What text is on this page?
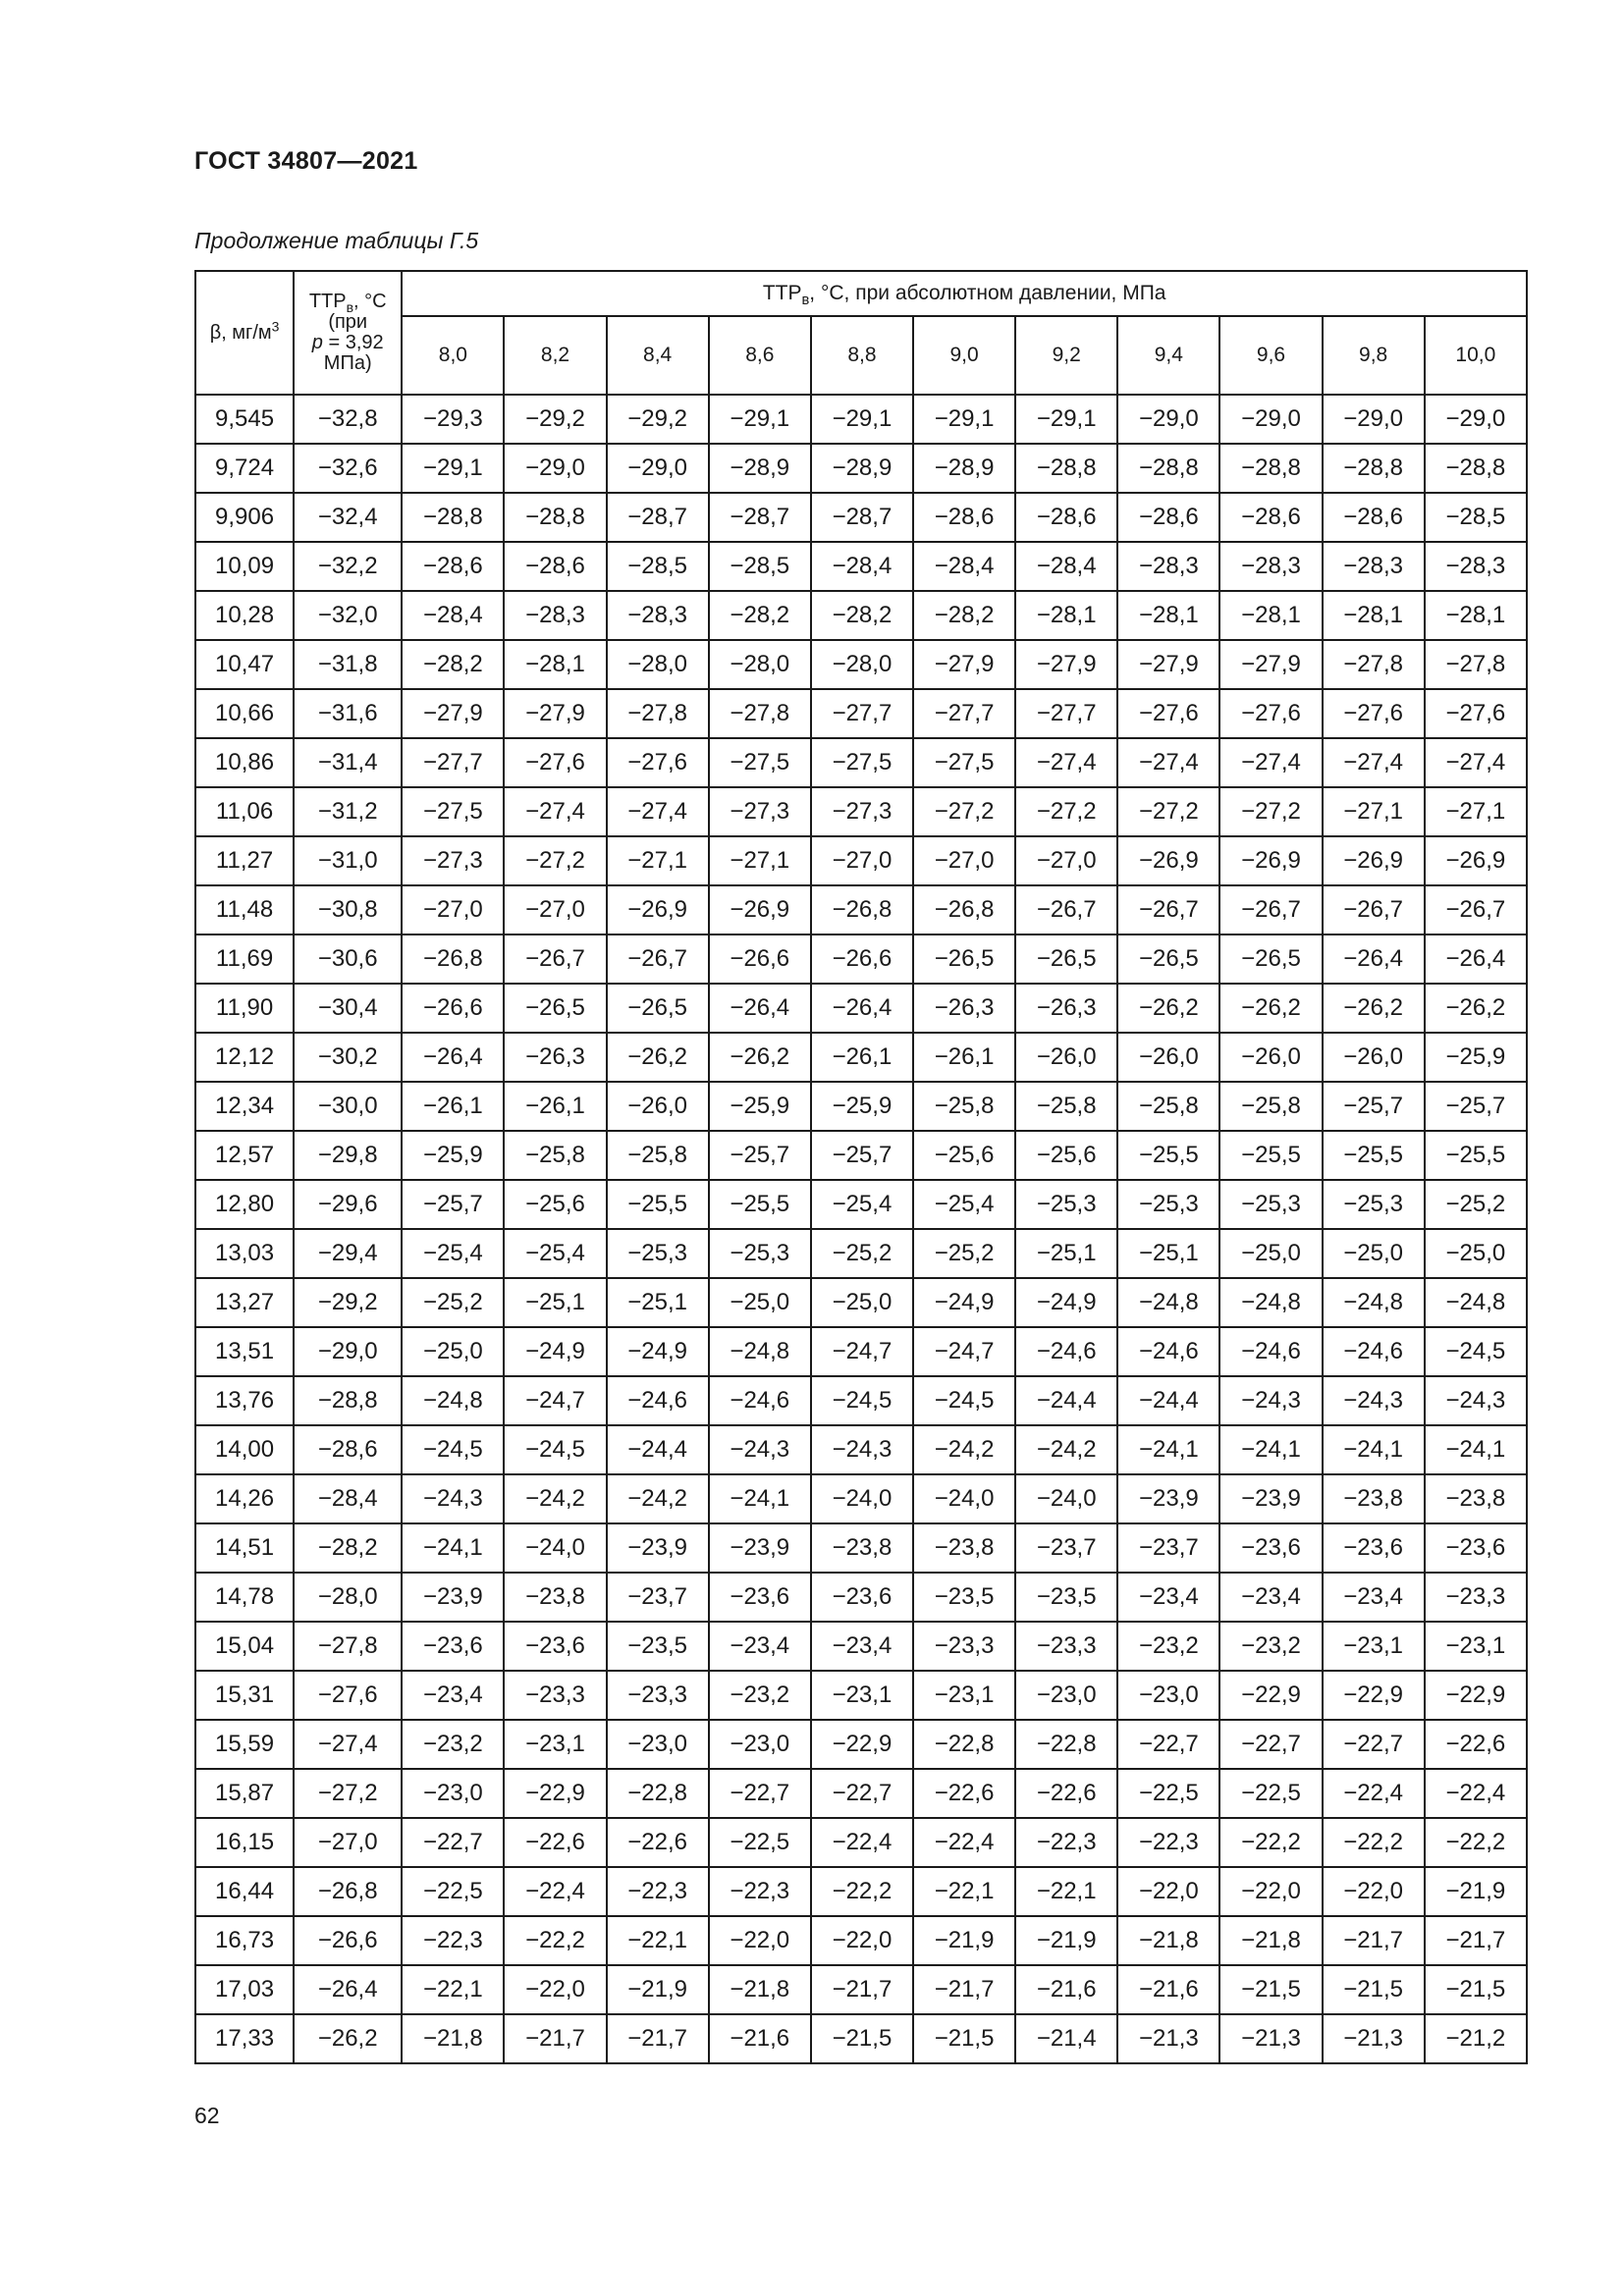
ГОСТ 34807—2021
Продолжение таблицы Г.5
β, $мг/м^3$	$ТТР_в$, °С (при
р = 3,92
МПа)	$ТТР_в$, °С, при абсолютном давлении, МПа										
		8,0	8,2	8,4	8,6	8,8	9,0	9,2	9,4	9,6	9,8	10,0
9,545	−32,8	−29,3	−29,2	−29,2	−29,1	−29,1	−29,1	−29,1	−29,0	−29,0	−29,0	−29,0
9,724	−32,6	−29,1	−29,0	−29,0	−28,9	−28,9	−28,9	−28,8	−28,8	−28,8	−28,8	−28,8
9,906	−32,4	−28,8	−28,8	−28,7	−28,7	−28,7	−28,6	−28,6	−28,6	−28,6	−28,6	−28,5
10,09	−32,2	−28,6	−28,6	−28,5	−28,5	−28,4	−28,4	−28,4	−28,3	−28,3	−28,3	−28,3
10,28	−32,0	−28,4	−28,3	−28,3	−28,2	−28,2	−28,2	−28,1	−28,1	−28,1	−28,1	−28,1
10,47	−31,8	−28,2	−28,1	−28,0	−28,0	−28,0	−27,9	−27,9	−27,9	−27,9	−27,8	−27,8
10,66	−31,6	−27,9	−27,9	−27,8	−27,8	−27,7	−27,7	−27,7	−27,6	−27,6	−27,6	−27,6
10,86	−31,4	−27,7	−27,6	−27,6	−27,5	−27,5	−27,5	−27,4	−27,4	−27,4	−27,4	−27,4
11,06	−31,2	−27,5	−27,4	−27,4	−27,3	−27,3	−27,2	−27,2	−27,2	−27,2	−27,1	−27,1
11,27	−31,0	−27,3	−27,2	−27,1	−27,1	−27,0	−27,0	−27,0	−26,9	−26,9	−26,9	−26,9
11,48	−30,8	−27,0	−27,0	−26,9	−26,9	−26,8	−26,8	−26,7	−26,7	−26,7	−26,7	−26,7
11,69	−30,6	−26,8	−26,7	−26,7	−26,6	−26,6	−26,5	−26,5	−26,5	−26,5	−26,4	−26,4
11,90	−30,4	−26,6	−26,5	−26,5	−26,4	−26,4	−26,3	−26,3	−26,2	−26,2	−26,2	−26,2
12,12	−30,2	−26,4	−26,3	−26,2	−26,2	−26,1	−26,1	−26,0	−26,0	−26,0	−26,0	−25,9
12,34	−30,0	−26,1	−26,1	−26,0	−25,9	−25,9	−25,8	−25,8	−25,8	−25,8	−25,7	−25,7
12,57	−29,8	−25,9	−25,8	−25,8	−25,7	−25,7	−25,6	−25,6	−25,5	−25,5	−25,5	−25,5
12,80	−29,6	−25,7	−25,6	−25,5	−25,5	−25,4	−25,4	−25,3	−25,3	−25,3	−25,3	−25,2
13,03	−29,4	−25,4	−25,4	−25,3	−25,3	−25,2	−25,2	−25,1	−25,1	−25,0	−25,0	−25,0
13,27	−29,2	−25,2	−25,1	−25,1	−25,0	−25,0	−24,9	−24,9	−24,8	−24,8	−24,8	−24,8
13,51	−29,0	−25,0	−24,9	−24,9	−24,8	−24,7	−24,7	−24,6	−24,6	−24,6	−24,6	−24,5
13,76	−28,8	−24,8	−24,7	−24,6	−24,6	−24,5	−24,5	−24,4	−24,4	−24,3	−24,3	−24,3
14,00	−28,6	−24,5	−24,5	−24,4	−24,3	−24,3	−24,2	−24,2	−24,1	−24,1	−24,1	−24,1
14,26	−28,4	−24,3	−24,2	−24,2	−24,1	−24,0	−24,0	−24,0	−23,9	−23,9	−23,8	−23,8
14,51	−28,2	−24,1	−24,0	−23,9	−23,9	−23,8	−23,8	−23,7	−23,7	−23,6	−23,6	−23,6
14,78	−28,0	−23,9	−23,8	−23,7	−23,6	−23,6	−23,5	−23,5	−23,4	−23,4	−23,4	−23,3
15,04	−27,8	−23,6	−23,6	−23,5	−23,4	−23,4	−23,3	−23,3	−23,2	−23,2	−23,1	−23,1
15,31	−27,6	−23,4	−23,3	−23,3	−23,2	−23,1	−23,1	−23,0	−23,0	−22,9	−22,9	−22,9
15,59	−27,4	−23,2	−23,1	−23,0	−23,0	−22,9	−22,8	−22,8	−22,7	−22,7	−22,7	−22,6
15,87	−27,2	−23,0	−22,9	−22,8	−22,7	−22,7	−22,6	−22,6	−22,5	−22,5	−22,4	−22,4
16,15	−27,0	−22,7	−22,6	−22,6	−22,5	−22,4	−22,4	−22,3	−22,3	−22,2	−22,2	−22,2
16,44	−26,8	−22,5	−22,4	−22,3	−22,3	−22,2	−22,1	−22,1	−22,0	−22,0	−22,0	−21,9
16,73	−26,6	−22,3	−22,2	−22,1	−22,0	−22,0	−21,9	−21,9	−21,8	−21,8	−21,7	−21,7
17,03	−26,4	−22,1	−22,0	−21,9	−21,8	−21,7	−21,7	−21,6	−21,6	−21,5	−21,5	−21,5
17,33	−26,2	−21,8	−21,7	−21,7	−21,6	−21,5	−21,5	−21,4	−21,3	−21,3	−21,3	−21,2
62
